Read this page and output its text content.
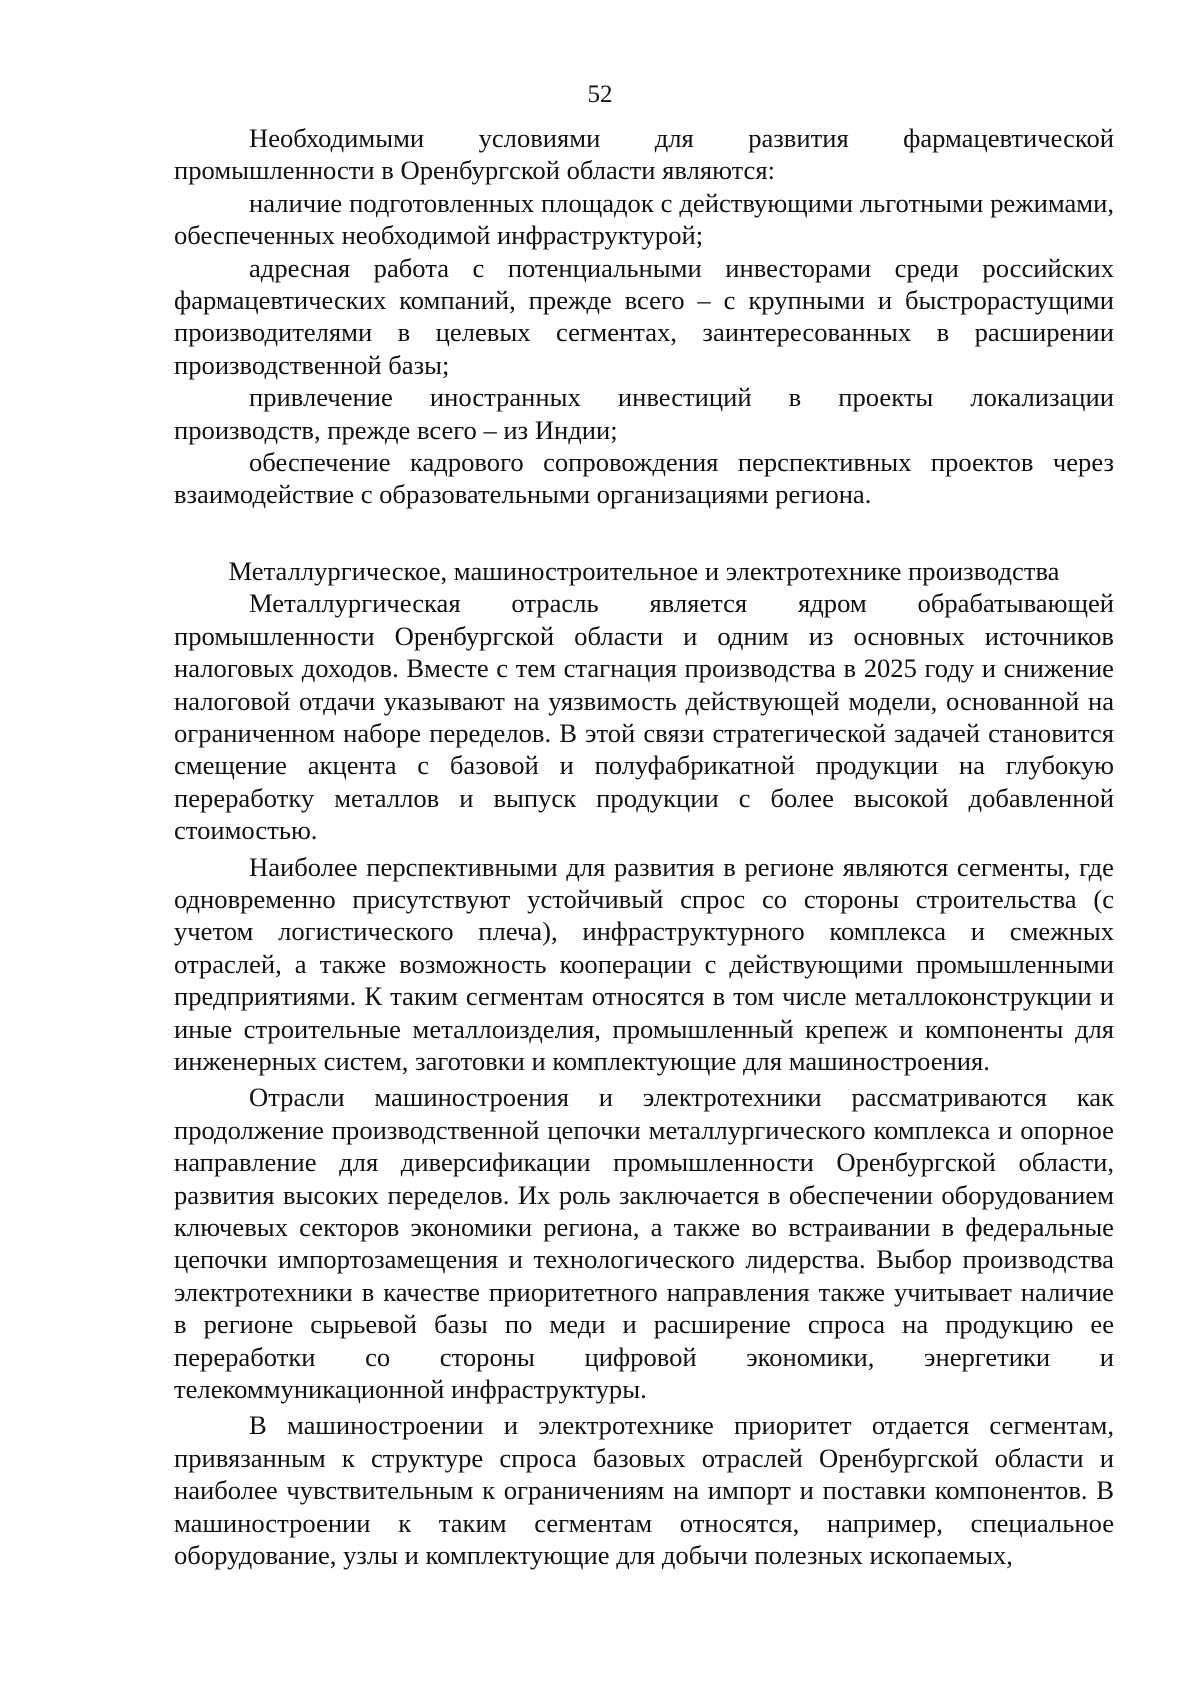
52

Необходимыми условиями для развития фармацевтической промышленности в Оренбургской области являются:

наличие подготовленных площадок с действующими льготными режимами, обеспеченных необходимой инфраструктурой;

адресная работа с потенциальными инвесторами среди российских фармацевтических компаний, прежде всего – с крупными и быстрорастущими производителями в целевых сегментах, заинтересованных в расширении производственной базы;

привлечение иностранных инвестиций в проекты локализации производств, прежде всего – из Индии;

обеспечение кадрового сопровождения перспективных проектов через взаимодействие с образовательными организациями региона.

Металлургическое, машиностроительное и электротехнике производства

Металлургическая отрасль является ядром обрабатывающей промышленности Оренбургской области и одним из основных источников налоговых доходов. Вместе с тем стагнация производства в 2025 году и снижение налоговой отдачи указывают на уязвимость действующей модели, основанной на ограниченном наборе переделов. В этой связи стратегической задачей становится смещение акцента с базовой и полуфабрикатной продукции на глубокую переработку металлов и выпуск продукции с более высокой добавленной стоимостью.

Наиболее перспективными для развития в регионе являются сегменты, где одновременно присутствуют устойчивый спрос со стороны строительства (с учетом логистического плеча), инфраструктурного комплекса и смежных отраслей, а также возможность кооперации с действующими промышленными предприятиями. К таким сегментам относятся в том числе металлоконструкции и иные строительные металлоизделия, промышленный крепеж и компоненты для инженерных систем, заготовки и комплектующие для машиностроения.

Отрасли машиностроения и электротехники рассматриваются как продолжение производственной цепочки металлургического комплекса и опорное направление для диверсификации промышленности Оренбургской области, развития высоких переделов. Их роль заключается в обеспечении оборудованием ключевых секторов экономики региона, а также во встраивании в федеральные цепочки импортозамещения и технологического лидерства. Выбор производства электротехники в качестве приоритетного направления также учитывает наличие в регионе сырьевой базы по меди и расширение спроса на продукцию ее переработки со стороны цифровой экономики, энергетики и телекоммуникационной инфраструктуры.

В машиностроении и электротехнике приоритет отдается сегментам, привязанным к структуре спроса базовых отраслей Оренбургской области и наиболее чувствительным к ограничениям на импорт и поставки компонентов. В машиностроении к таким сегментам относятся, например, специальное оборудование, узлы и комплектующие для добычи полезных ископаемых,
